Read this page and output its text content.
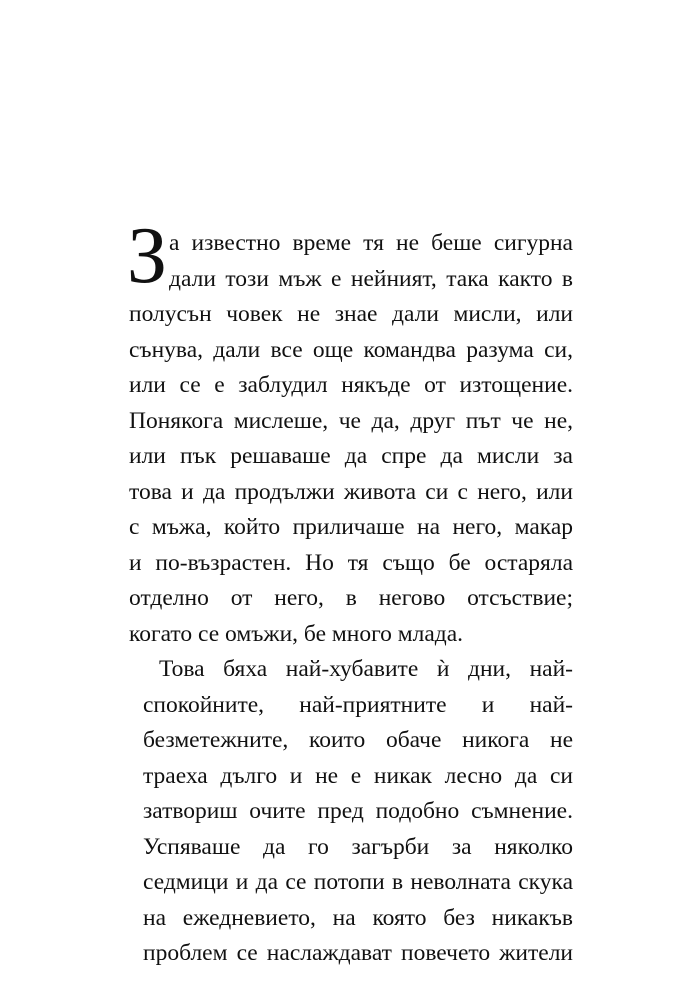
З а известно време тя не беше сигурна
дали този мъж е нейният, така както в
полусън човек не знае дали мисли, или
сънува, дали все още командва разума си,
или се е заблудил някъде от изтощение.
Понякога мислеше, че да, друг път че не,
или пък решаваше да спре да мисли за
това и да продължи живота си с него, или
с мъжа, който приличаше на него, макар
и по-възрастен. Но тя също бе остаряла
отделно от него, в негово отсъствие;
когато се омъжи, бе много млада.
Това бяха най-хубавите ѝ дни, най-
спокойните, най-приятните и най-
безметежните, които обаче никога не
траеха дълго и не е никак лесно да си
затвориш очите пред подобно съмнение.
Успяваше да го загърби за няколко
седмици и да се потопи в неволната скука
на ежедневието, на която без никакъв
проблем се наслаждават повечето жители
